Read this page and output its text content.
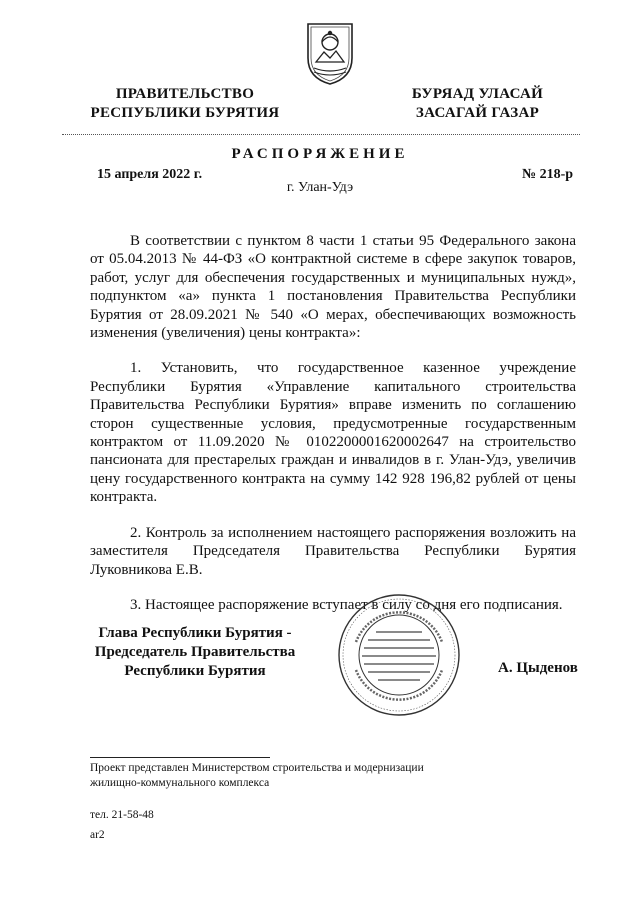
ПРАВИТЕЛЬСТВО
РЕСПУБЛИКИ БУРЯТИЯ
БУРЯАД УЛАСАЙ
ЗАСАГАЙ ГАЗАР
РАСПОРЯЖЕНИЕ
15 апреля 2022 г.	№ 218-р
г. Улан-Удэ

В соответствии с пунктом 8 части 1 статьи 95 Федерального закона от 05.04.2013 № 44-ФЗ «О контрактной системе в сфере закупок товаров, работ, услуг для обеспечения государственных и муниципальных нужд», подпунктом «а» пункта 1 постановления Правительства Республики Бурятия от 28.09.2021 № 540 «О мерах, обеспечивающих возможность изменения (увеличения) цены контракта»:

1. Установить, что государственное казенное учреждение Республики Бурятия «Управление капитального строительства Правительства Республики Бурятия» вправе изменить по соглашению сторон существенные условия, предусмотренные государственным контрактом от 11.09.2020 № 0102200001620002647 на строительство пансионата для престарелых граждан и инвалидов в г. Улан-Удэ, увеличив цену государственного контракта на сумму 142 928 196,82 рублей от цены контракта.

2. Контроль за исполнением настоящего распоряжения возложить на заместителя Председателя Правительства Республики Бурятия Луковникова Е.В.

3. Настоящее распоряжение вступает в силу со дня его подписания.

Глава Республики Бурятия -
Председатель Правительства
Республики Бурятия	А. Цыденов
Проект представлен Министерством строительства и модернизации
жилищно-коммунального комплекса
тел. 21-58-48
ar2
